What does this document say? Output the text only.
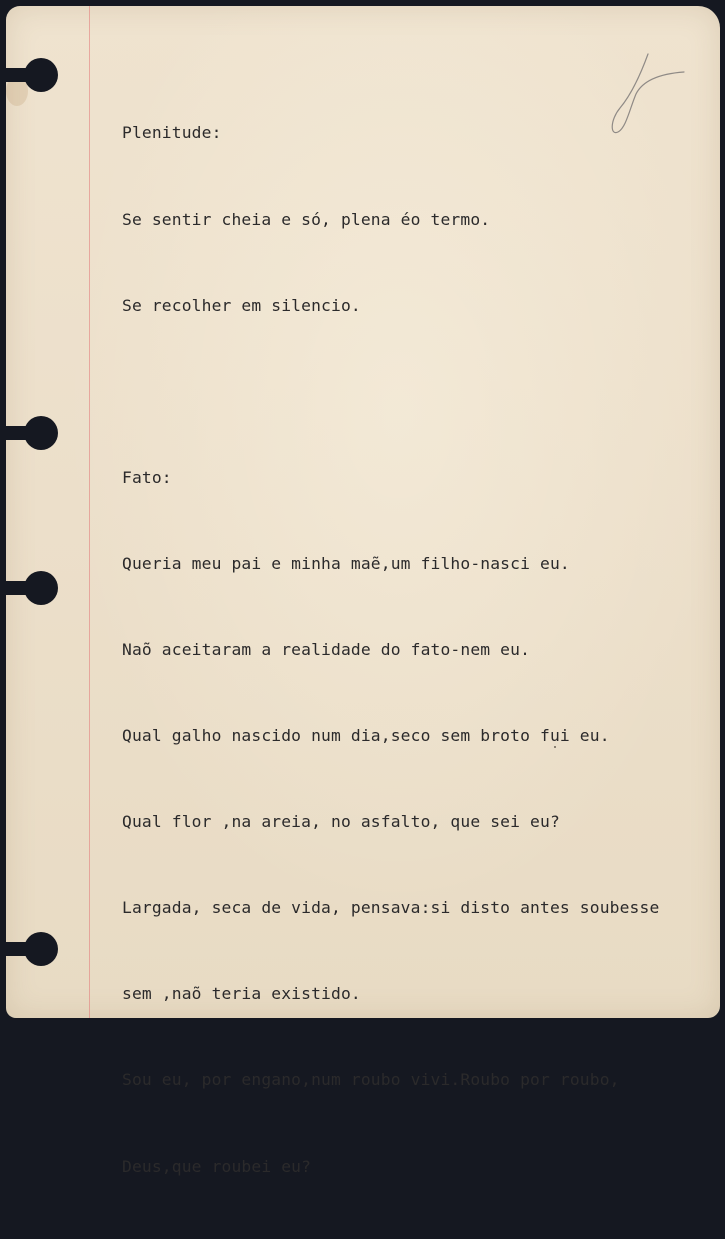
Plenitude:

Se sentir cheia e só, plena éo termo.

Se recolher em silencio.

Fato:

Queria meu pai e minha maẽ,um filho-nasci eu.

Naõ aceitaram a realidade do fato-nem eu.

Qual galho nascido num dia,seco sem broto fui eu.

Qual flor ,na areia, no asfalto, que sei eu?

Largada, seca de vida, pensava:si disto antes soubesse

sem ,naõ teria existido.

Sou eu, por engano,num roubo vivi.Roubo por roubo,

Deus,que roubei eu?
